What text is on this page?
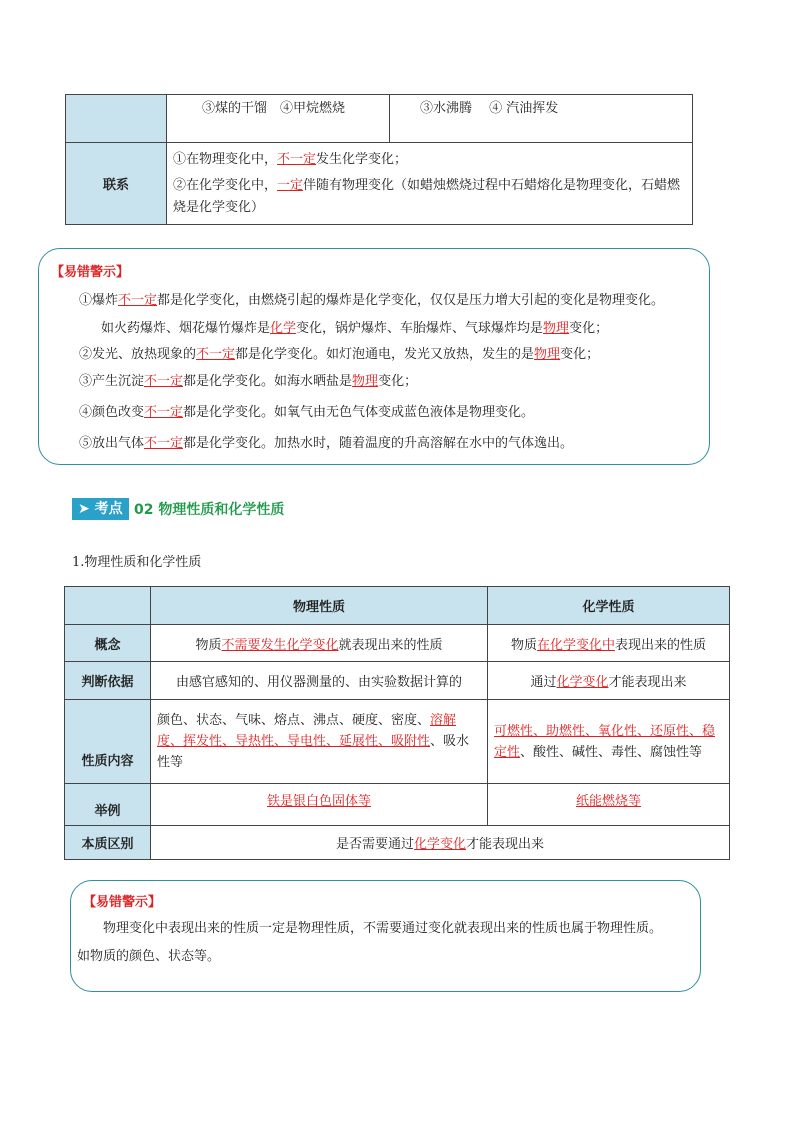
	③煤的干馏　④甲烷燃烧	③水沸腾　 ④ 汽油挥发

联系	①在物理变化中，不一定发生化学变化；
②在化学变化中，一定伴随有物理变化（如蜡烛燃烧过程中石蜡熔化是物理变化，石蜡燃烧是化学变化）	
【易错警示】
①爆炸不一定都是化学变化，由燃烧引起的爆炸是化学变化，仅仅是压力增大引起的变化是物理变化。
如火药爆炸、烟花爆竹爆炸是化学变化，锅炉爆炸、车胎爆炸、气球爆炸均是物理变化；
②发光、放热现象的不一定都是化学变化。如灯泡通电，发光又放热，发生的是物理变化；
③产生沉淀不一定都是化学变化。如海水晒盐是物理变化；
④颜色改变不一定都是化学变化。如氧气由无色气体变成蓝色液体是物理变化。
⑤放出气体不一定都是化学变化。加热水时，随着温度的升高溶解在水中的气体逸出。
➤ 考点 02 物理性质和化学性质
1.物理性质和化学性质
	物理性质	化学性质
概念	物质不需要发生化学变化就表现出来的性质	物质在化学变化中表现出来的性质
判断依据	由感官感知的、用仪器测量的、由实验数据计算的	通过化学变化才能表现出来
性质内容	颜色、状态、气味、熔点、沸点、硬度、密度、溶解度、挥发性、导热性、导电性、延展性、吸附性、吸水性等	可燃性、助燃性、氧化性、还原性、稳定性、酸性、碱性、毒性、腐蚀性等
举例	铁是银白色固体等	纸能燃烧等
本质区别	是否需要通过化学变化才能表现出来	
【易错警示】
物理变化中表现出来的性质一定是物理性质，不需要通过变化就表现出来的性质也属于物理性质。
如物质的颜色、状态等。
